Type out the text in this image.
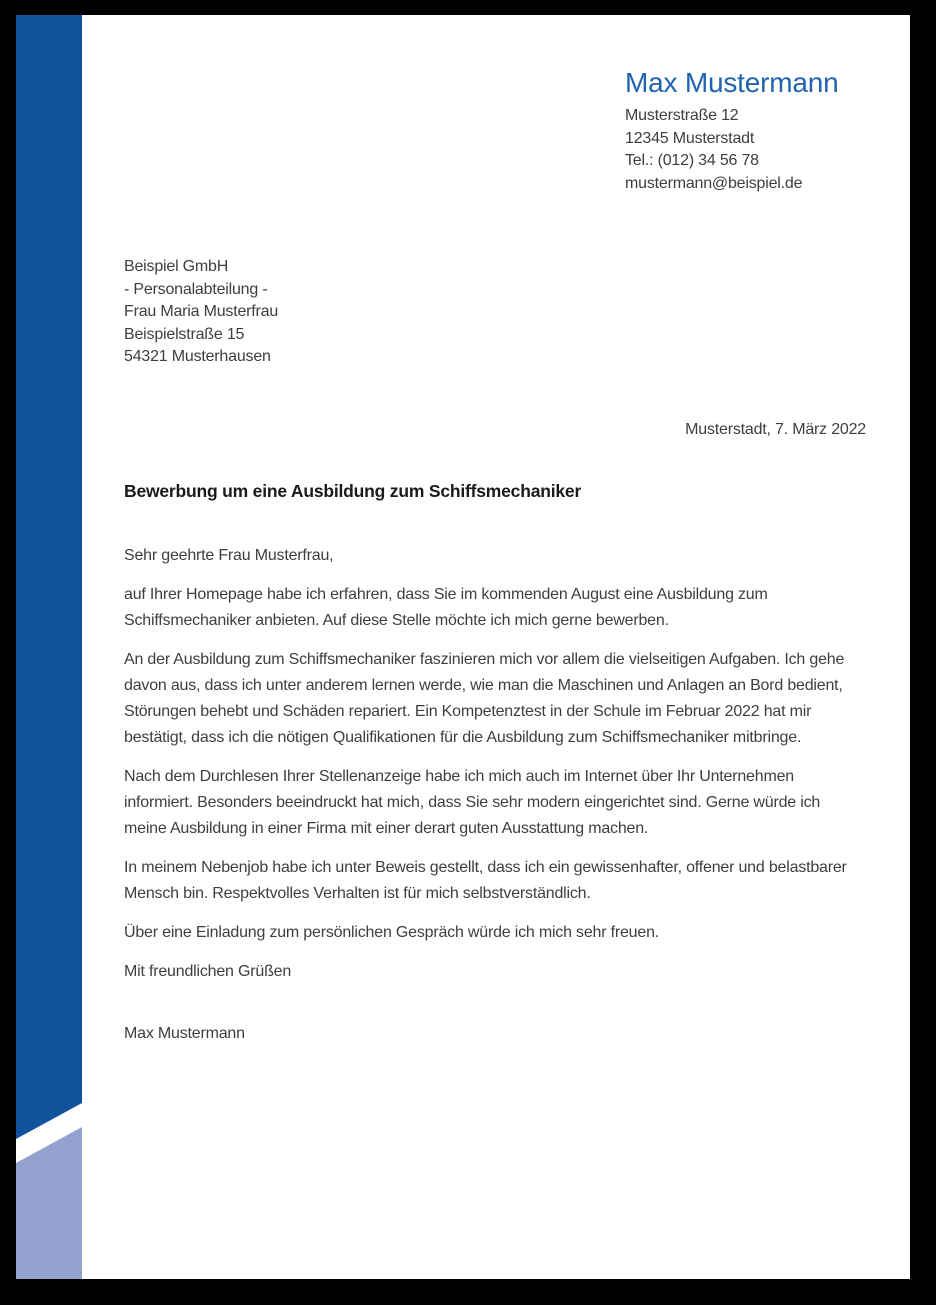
Max Mustermann
Musterstraße 12
12345 Musterstadt
Tel.: (012) 34 56 78
mustermann@beispiel.de
Beispiel GmbH
- Personalabteilung -
Frau Maria Musterfrau
Beispielstraße 15
54321 Musterhausen
Musterstadt, 7. März 2022
Bewerbung um eine Ausbildung zum Schiffsmechaniker

Sehr geehrte Frau Musterfrau,

auf Ihrer Homepage habe ich erfahren, dass Sie im kommenden August eine Ausbildung zum Schiffsmechaniker anbieten. Auf diese Stelle möchte ich mich gerne bewerben.

An der Ausbildung zum Schiffsmechaniker faszinieren mich vor allem die vielseitigen Aufgaben. Ich gehe davon aus, dass ich unter anderem lernen werde, wie man die Maschinen und Anlagen an Bord bedient, Störungen behebt und Schäden repariert. Ein Kompetenztest in der Schule im Februar 2022 hat mir bestätigt, dass ich die nötigen Qualifikationen für die Ausbildung zum Schiffsmechaniker mitbringe.

Nach dem Durchlesen Ihrer Stellenanzeige habe ich mich auch im Internet über Ihr Unternehmen informiert. Besonders beeindruckt hat mich, dass Sie sehr modern eingerichtet sind. Gerne würde ich meine Ausbildung in einer Firma mit einer derart guten Ausstattung machen.

In meinem Nebenjob habe ich unter Beweis gestellt, dass ich ein gewissenhafter, offener und belastbarer Mensch bin. Respektvolles Verhalten ist für mich selbstverständlich.

Über eine Einladung zum persönlichen Gespräch würde ich mich sehr freuen.

Mit freundlichen Grüßen

Max Mustermann
